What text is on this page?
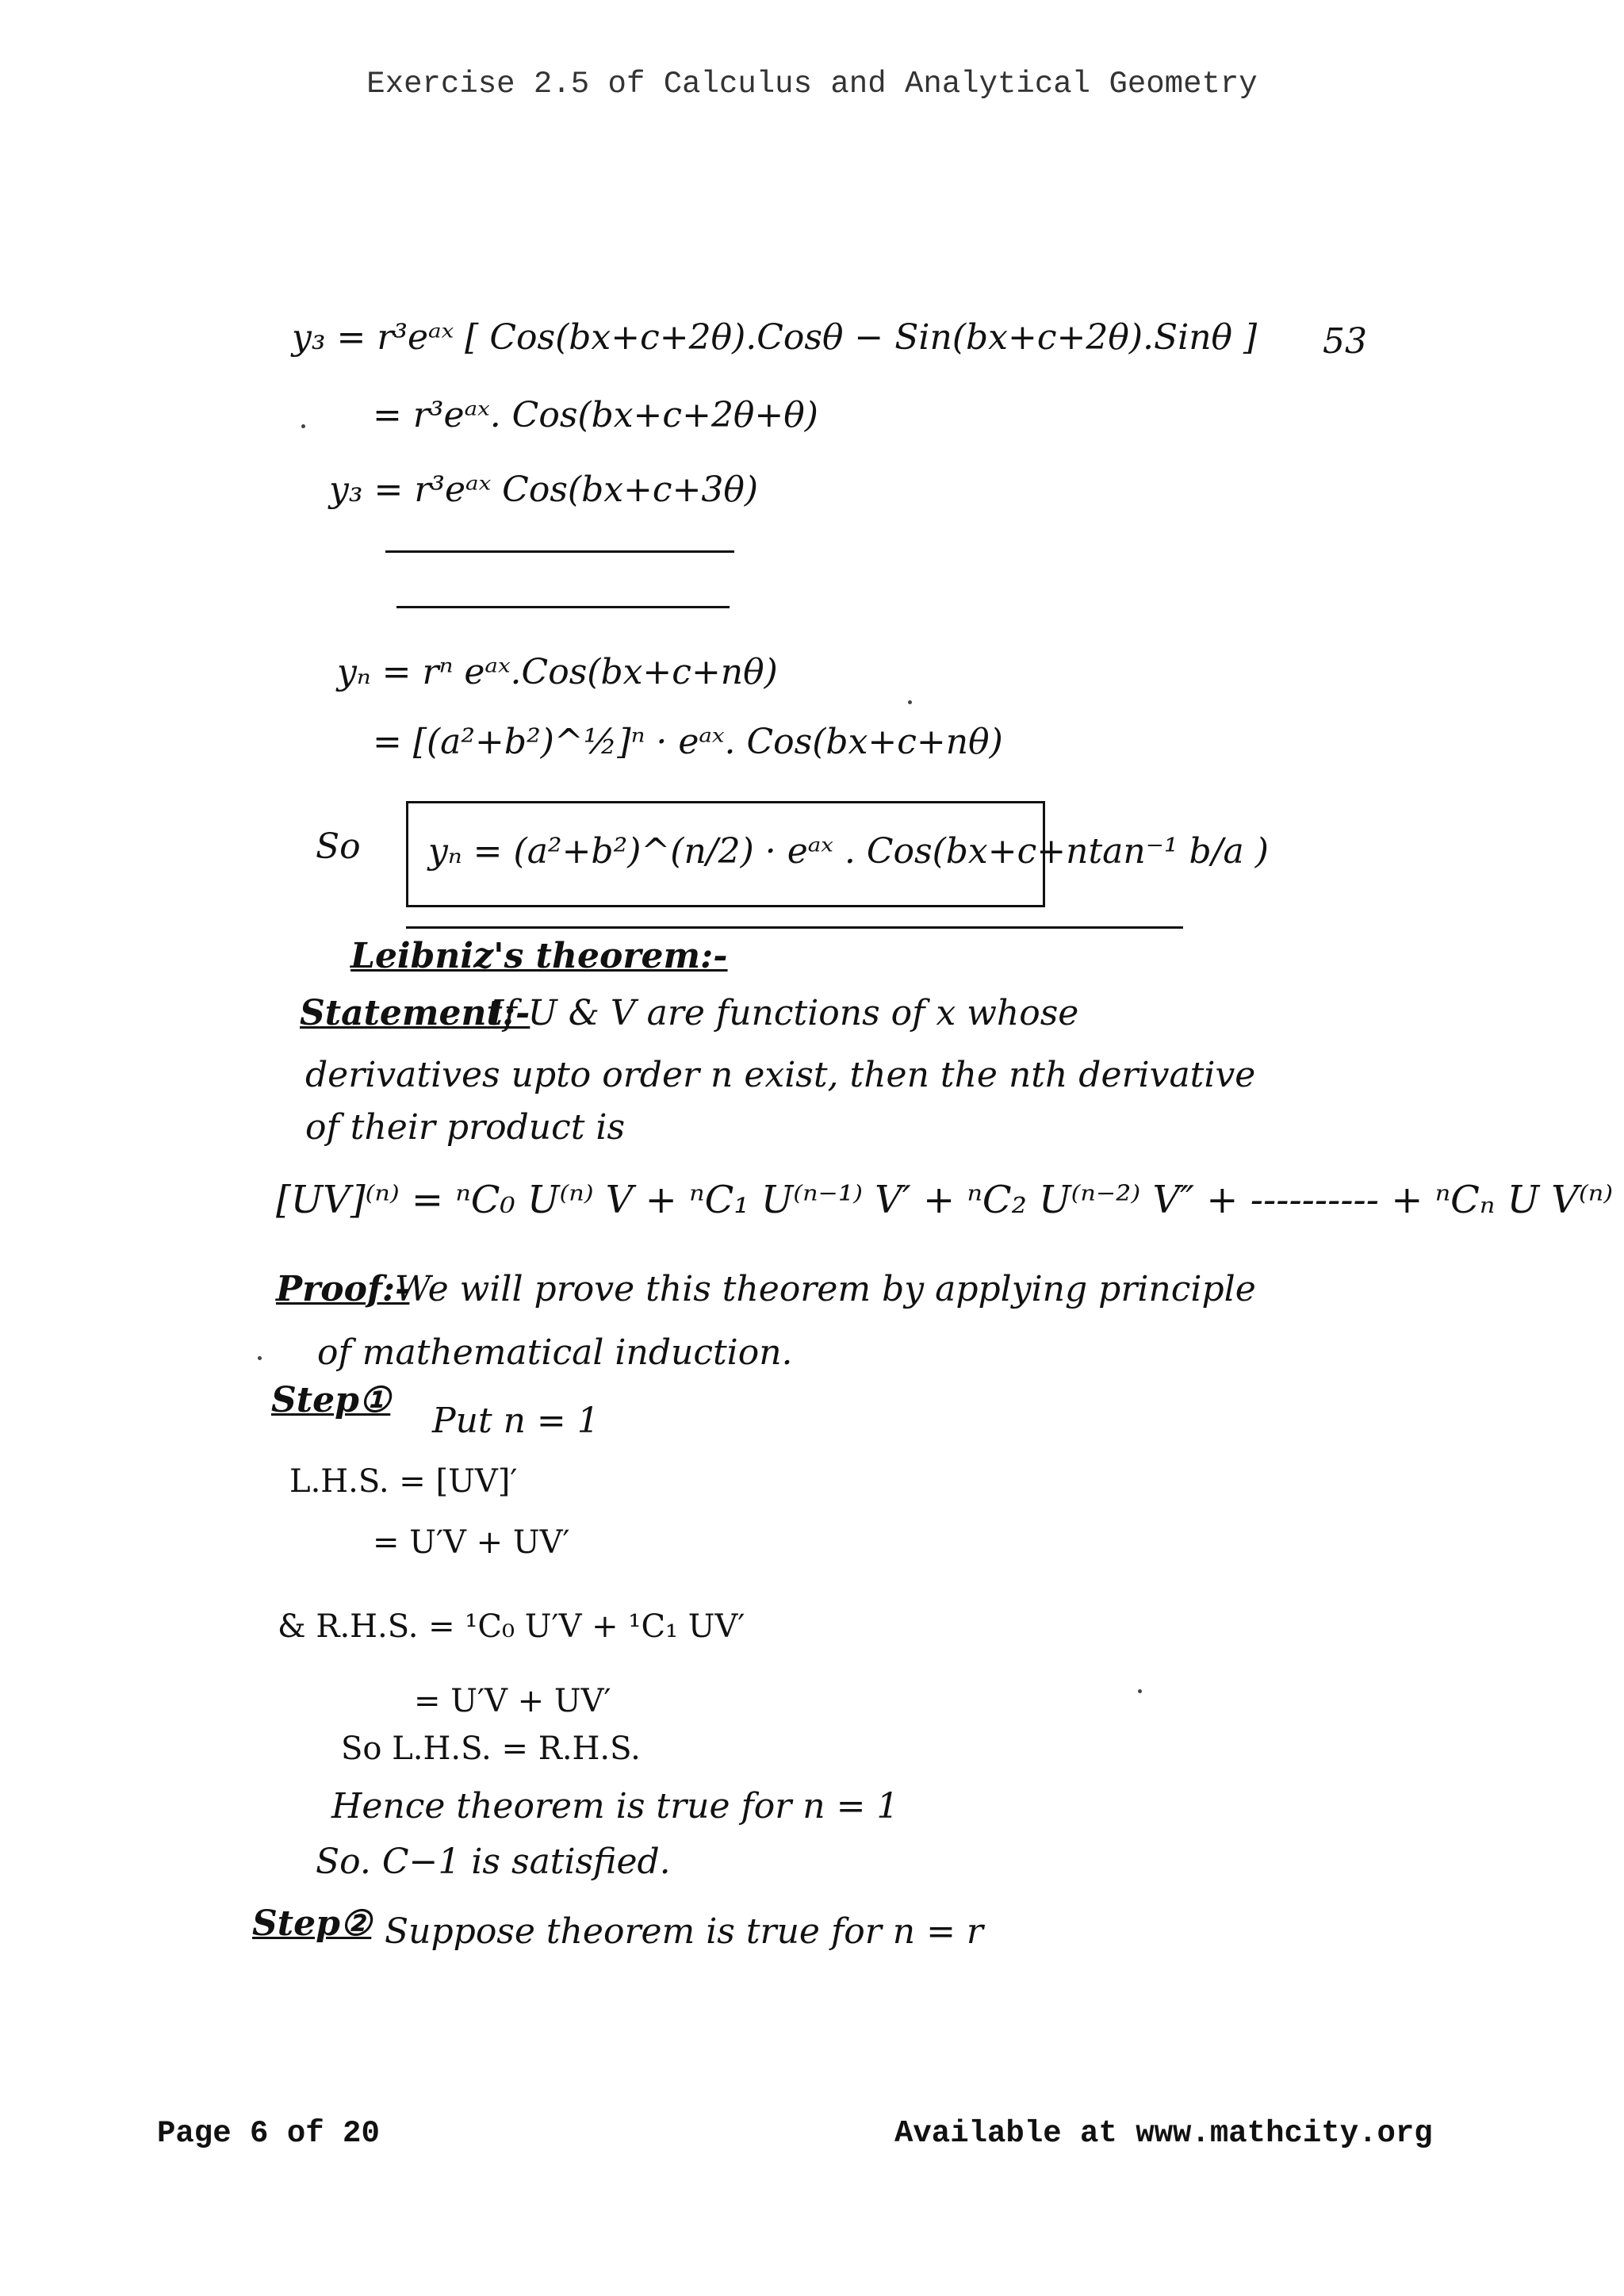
Exercise 2.5 of Calculus and Analytical Geometry
y₃ = r³eᵃˣ [ Cos(bx+c+2θ).Cosθ − Sin(bx+c+2θ).Sinθ ] 53
= r³eᵃˣ. Cos(bx+c+2θ+θ)
y₃ = r³eᵃˣ Cos(bx+c+3θ)
yₙ = rⁿ eᵃˣ.Cos(bx+c+nθ)
= [(a²+b²)^½]ⁿ · eᵃˣ. Cos(bx+c+nθ)
So yₙ = (a²+b²)^(n/2) · eᵃˣ . Cos(bx+c+ntan⁻¹ b/a )
Leibniz's theorem:-
Statement:-
If U & V are functions of x whose
derivatives upto order n exist, then the nth derivative
of their product is
[UV]⁽ⁿ⁾ = ⁿC₀ U⁽ⁿ⁾ V + ⁿC₁ U⁽ⁿ⁻¹⁾ V′ + ⁿC₂ U⁽ⁿ⁻²⁾ V″ + ---------- + ⁿCₙ U V⁽ⁿ⁾
Proof:-
We will prove this theorem by applying principle
of mathematical induction.
Step①
Put n = 1
L.H.S. = [UV]′
= U′V + UV′
& R.H.S. = ¹C₀ U′V + ¹C₁ UV′
= U′V + UV′
So L.H.S. = R.H.S.
Hence theorem is true for n = 1
So. C−1 is satisfied.
Step② Suppose theorem is true for n = r
Page 6 of 20	Available at www.mathcity.org
